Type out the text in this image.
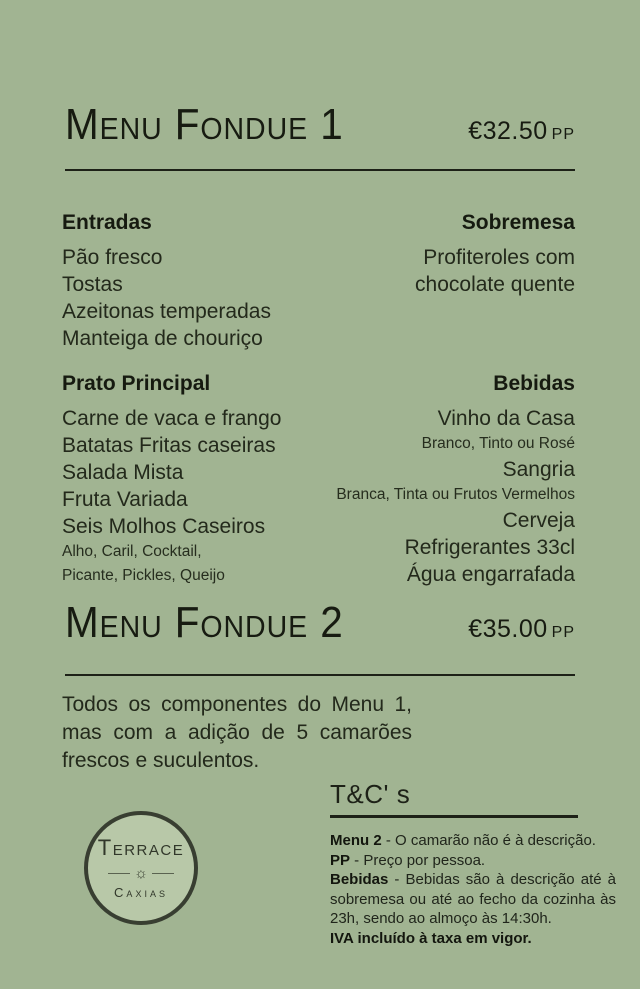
Menu Fondue 1	€32.50 PP
Entradas
Pão fresco
Tostas
Azeitonas temperadas
Manteiga de chouriço
Sobremesa
Profiteroles com
chocolate quente
Prato Principal
Carne de vaca e frango
Batatas Fritas caseiras
Salada Mista
Fruta Variada
Seis Molhos Caseiros
Alho, Caril, Cocktail,
Picante, Pickles, Queijo
Bebidas
Vinho da Casa
Branco, Tinto ou Rosé
Sangria
Branca, Tinta ou Frutos Vermelhos
Cerveja
Refrigerantes 33cl
Água engarrafada
Menu Fondue 2	€35.00 PP

Todos os componentes do Menu 1, mas com a adição de 5 camarões frescos e suculentos.

Terrace
☼
Caxias
T&C' s

Menu 2 - O camarão não é à descrição.

PP - Preço por pessoa.

Bebidas - Bebidas são à descrição até à sobremesa ou até ao fecho da cozinha às 23h, sendo ao almoço às 14:30h.

IVA incluído à taxa em vigor.
